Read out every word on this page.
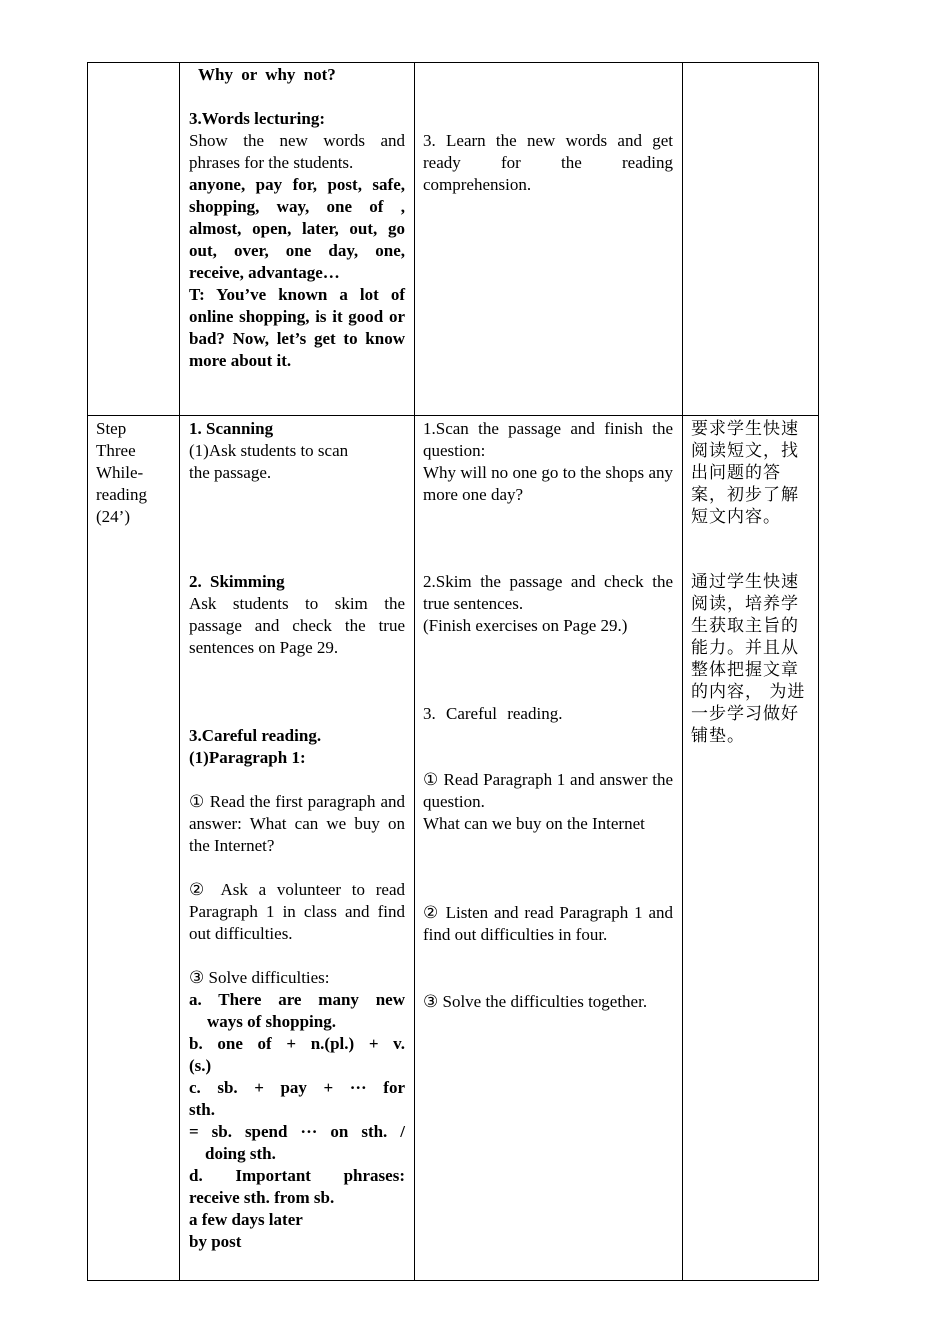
Why or why not?
3.Words lecturing:
Show the new words and phrases for the students.
anyone, pay for, post, safe, shopping, way, one of , almost, open, later, out, go out, over, one day, one, receive, advantage…
T: You’ve known a lot of online shopping, is it good or bad? Now, let’s get to know more about it.
3. Learn the new words and get ready for the reading comprehension.
Step
Three
While-
reading
(24’)
1. Scanning
(1)Ask students to scan
the passage.
2. Skimming
Ask students to skim the passage and check the true sentences on Page 29.
3.Careful reading.
(1)Paragraph 1:
① Read the first paragraph and answer: What can we buy on the Internet?
② Ask a volunteer to read Paragraph 1 in class and find out difficulties.
③ Solve difficulties:
a. There are many new
ways of shopping.
b. one of + n.(pl.) + v.
(s.)
c. sb. + pay + ··· for
sth.
= sb. spend ··· on sth. /
doing sth.
d. Important phrases:
receive sth. from sb.
a few days later
by post
1.Scan the passage and finish the question:
Why will no one go to the shops any more one day?
2.Skim the passage and check the true sentences.
(Finish exercises on Page 29.)
3. Careful reading.
① Read Paragraph 1 and answer the question.
What can we buy on the Internet
② Listen and read Paragraph 1 and find out difficulties in four.
③ Solve the difficulties together.
要求学生快速阅读短文，找出问题的答案，初步了解短文内容。
通过学生快速阅读，培养学生获取主旨的能力。并且从整体把握文章的内容， 为进一步学习做好铺垫。
